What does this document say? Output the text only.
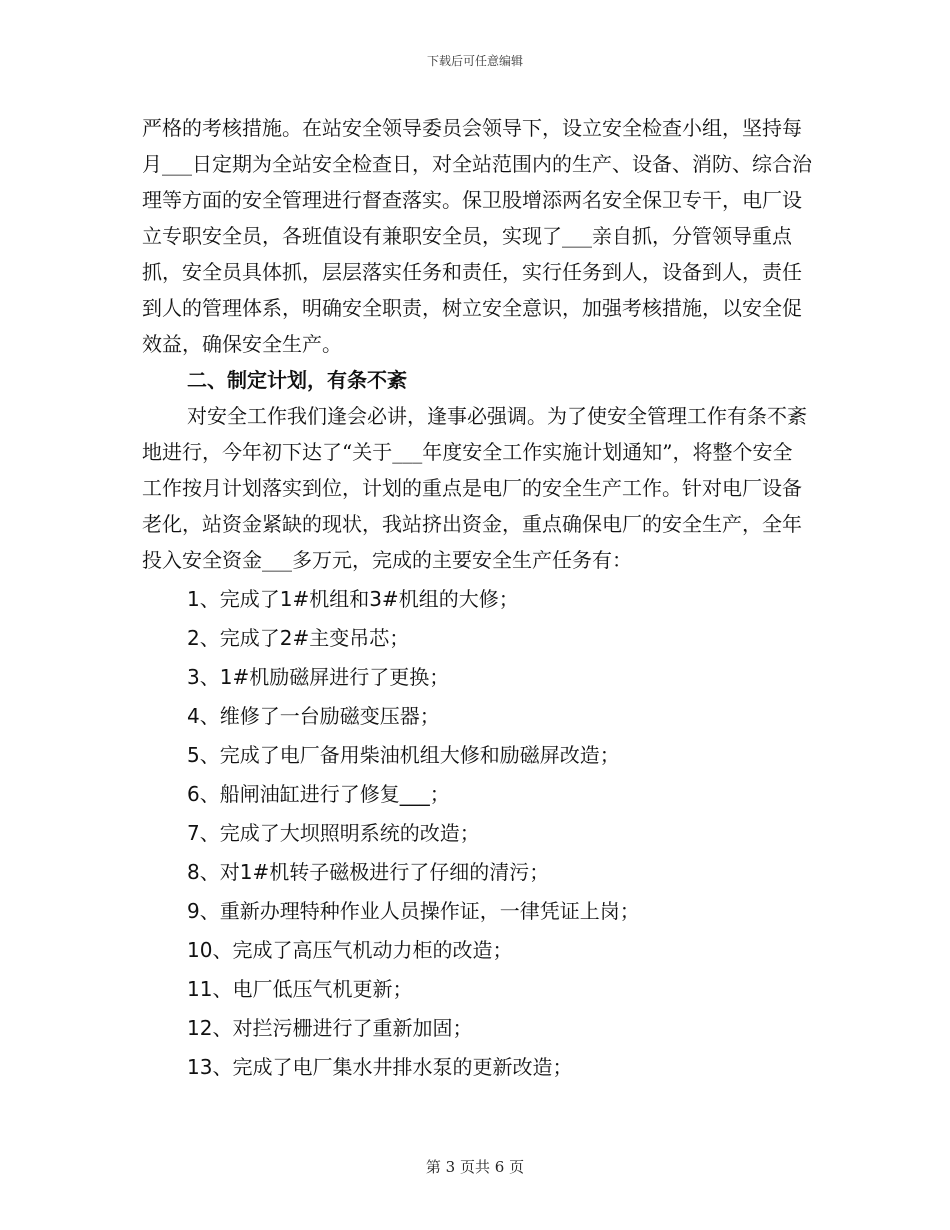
下载后可任意编辑

严格的考核措施。在站安全领导委员会领导下，设立安全检查小组，坚持每月___日定期为全站安全检查日，对全站范围内的生产、设备、消防、综合治理等方面的安全管理进行督查落实。保卫股增添两名安全保卫专干，电厂设立专职安全员，各班值设有兼职安全员，实现了___亲自抓，分管领导重点抓，安全员具体抓，层层落实任务和责任，实行任务到人，设备到人，责任到人的管理体系，明确安全职责，树立安全意识，加强考核措施，以安全促效益，确保安全生产。

二、制定计划，有条不紊

对安全工作我们逢会必讲，逢事必强调。为了使安全管理工作有条不紊地进行，今年初下达了“关于___年度安全工作实施计划通知”，将整个安全工作按月计划落实到位，计划的重点是电厂的安全生产工作。针对电厂设备老化，站资金紧缺的现状，我站挤出资金，重点确保电厂的安全生产，全年投入安全资金___多万元，完成的主要安全生产任务有：

1、完成了1#机组和3#机组的大修；
2、完成了2#主变吊芯；
3、1#机励磁屏进行了更换；
4、维修了一台励磁变压器；
5、完成了电厂备用柴油机组大修和励磁屏改造；
6、船闸油缸进行了修复___；
7、完成了大坝照明系统的改造；
8、对1#机转子磁极进行了仔细的清污；
9、重新办理特种作业人员操作证，一律凭证上岗；
10、完成了高压气机动力柜的改造；
11、电厂低压气机更新；
12、对拦污栅进行了重新加固；
13、完成了电厂集水井排水泵的更新改造；
第 3 页共 6 页
